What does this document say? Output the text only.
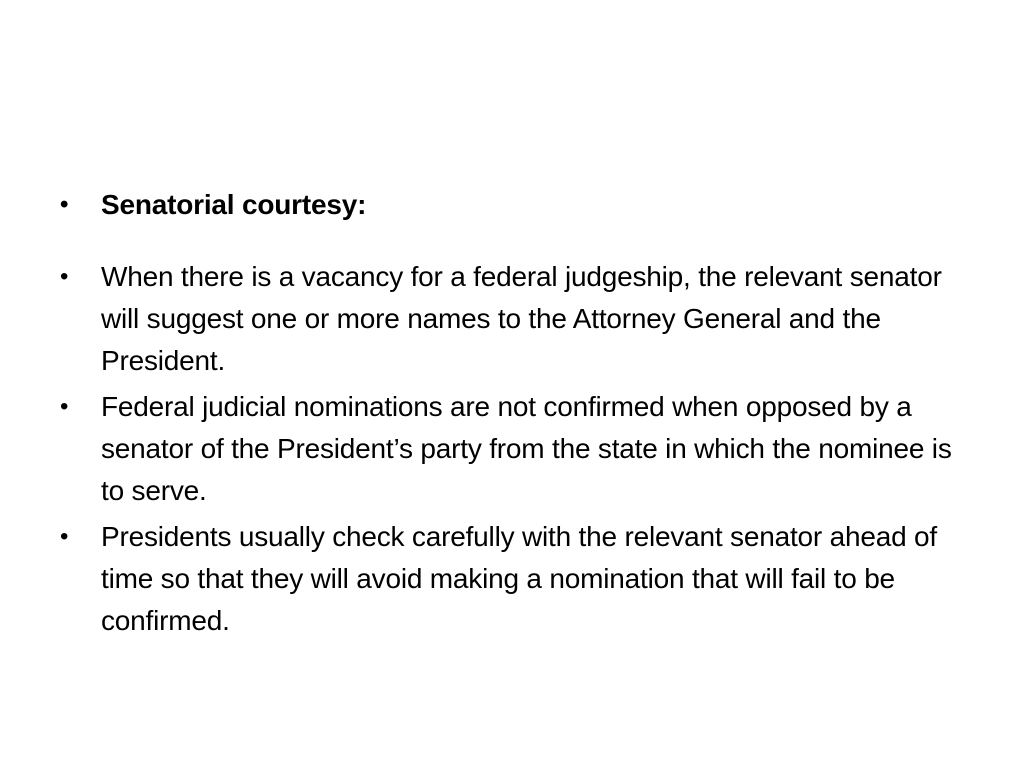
•	Senatorial courtesy:
•	When there is a vacancy for a federal judgeship, the relevant senator will suggest one or more names to the Attorney General and the President.
•	Federal judicial nominations are not confirmed when opposed by a senator of the President’s party from the state in which the nominee is to serve.
•	Presidents usually check carefully with the relevant senator ahead of time so that they will avoid making a nomination that will fail to be confirmed.
